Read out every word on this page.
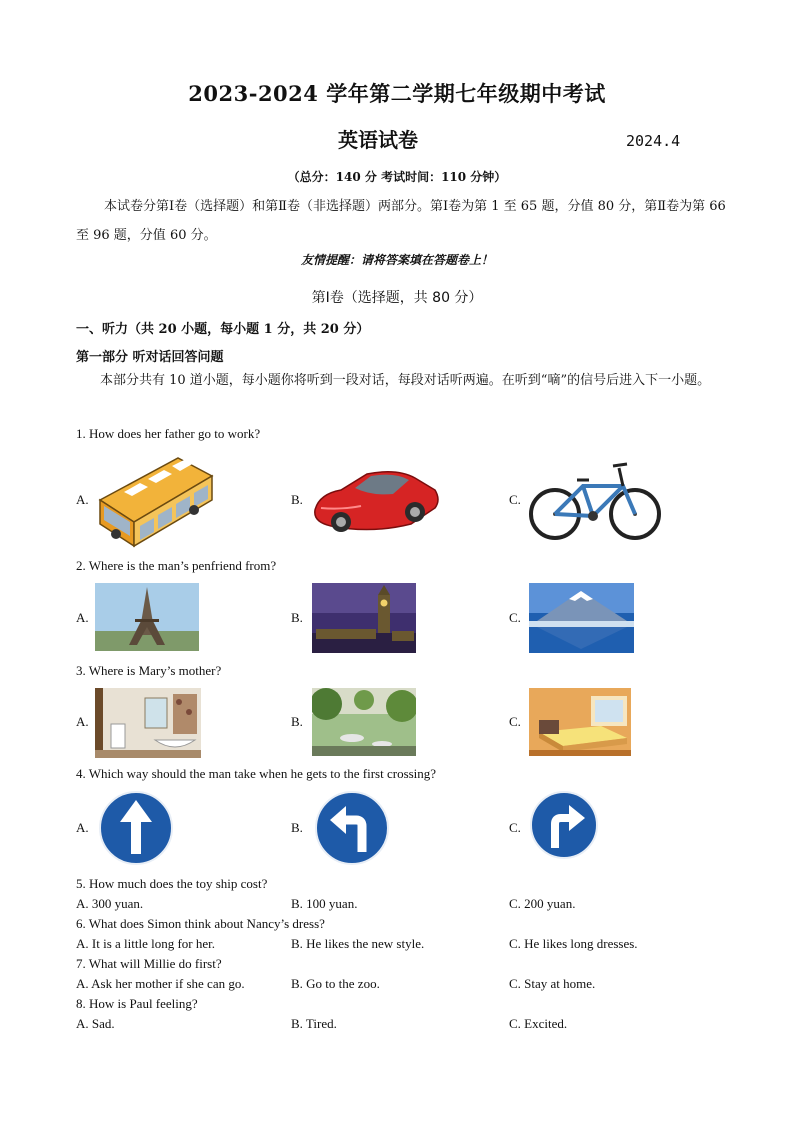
2023-2024 学年第二学期七年级期中考试
英语试卷	2024.4
（总分：140 分 考试时间：110 分钟）
本试卷分第Ⅰ卷（选择题）和第Ⅱ卷（非选择题）两部分。第Ⅰ卷为第 1 至 65 题，分值 80 分，第Ⅱ卷为第 66 至 96 题，分值 60 分。
友情提醒：请将答案填在答题卷上！
第Ⅰ卷（选择题，共 80 分）
一、听力（共 20 小题，每小题 1 分，共 20 分）
第一部分 听对话回答问题
本部分共有 10 道小题，每小题你将听到一段对话，每段对话听两遍。在听到“嘀”的信号后进入下一小题。
1. How does her father go to work?
A.	B.	C.
2. Where is the man’s penfriend from?
A.	B.	C.
3. Where is Mary’s mother?
A.	B.	C.
4. Which way should the man take when he gets to the first crossing?
A.	B.	C.
5. How much does the toy ship cost?
A. 300 yuan.	B. 100 yuan.	C. 200 yuan.
6. What does Simon think about Nancy’s dress?
A. It is a little long for her.	B. He likes the new style.	C. He likes long dresses.
7. What will Millie do first?
A. Ask her mother if she can go.	B. Go to the zoo.	C. Stay at home.
8. How is Paul feeling?
A. Sad.	B. Tired.	C. Excited.
